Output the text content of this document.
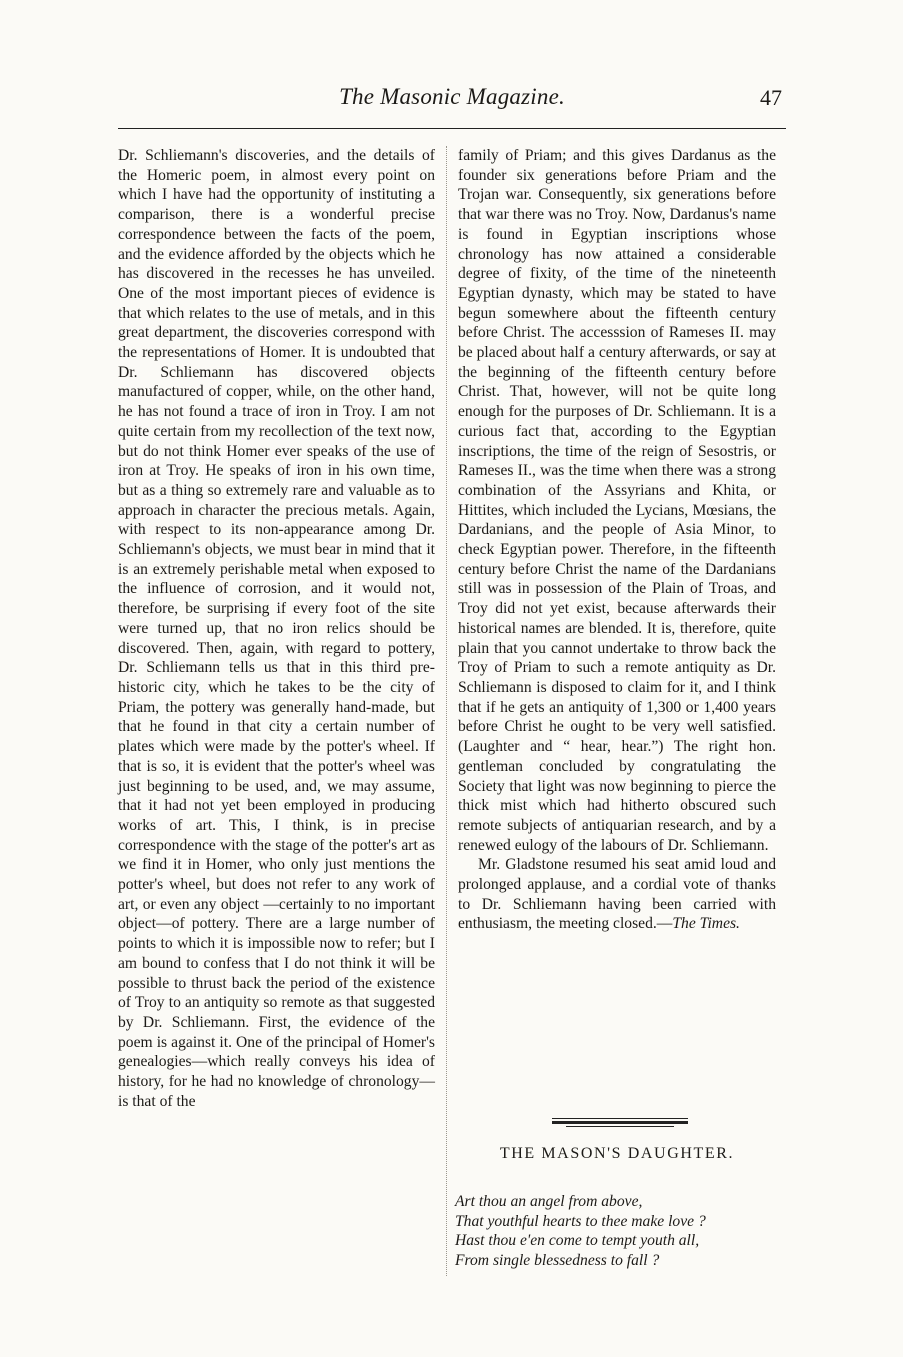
The Masonic Magazine.	47

Dr. Schliemann's discoveries, and the details of the Homeric poem, in almost every point on which I have had the opportunity of instituting a comparison, there is a wonderful precise correspondence between the facts of the poem, and the evidence afforded by the objects which he has discovered in the recesses he has unveiled. One of the most important pieces of evidence is that which relates to the use of metals, and in this great department, the discoveries correspond with the representations of Homer. It is undoubted that Dr. Schliemann has discovered objects manufactured of copper, while, on the other hand, he has not found a trace of iron in Troy. I am not quite certain from my recollection of the text now, but do not think Homer ever speaks of the use of iron at Troy. He speaks of iron in his own time, but as a thing so extremely rare and valuable as to approach in character the precious metals. Again, with respect to its non-appearance among Dr. Schliemann's objects, we must bear in mind that it is an extremely perishable metal when exposed to the influence of corrosion, and it would not, therefore, be surprising if every foot of the site were turned up, that no iron relics should be discovered. Then, again, with regard to pottery, Dr. Schliemann tells us that in this third pre-historic city, which he takes to be the city of Priam, the pottery was generally hand-made, but that he found in that city a certain number of plates which were made by the potter's wheel. If that is so, it is evident that the potter's wheel was just beginning to be used, and, we may assume, that it had not yet been employed in producing works of art. This, I think, is in precise correspondence with the stage of the potter's art as we find it in Homer, who only just mentions the potter's wheel, but does not refer to any work of art, or even any object —certainly to no important object—of pottery. There are a large number of points to which it is impossible now to refer; but I am bound to confess that I do not think it will be possible to thrust back the period of the existence of Troy to an antiquity so remote as that suggested by Dr. Schliemann. First, the evidence of the poem is against it. One of the principal of Homer's genealogies—which really conveys his idea of history, for he had no knowledge of chronology—is that of the

family of Priam; and this gives Dardanus as the founder six generations before Priam and the Trojan war. Consequently, six generations before that war there was no Troy. Now, Dardanus's name is found in Egyptian inscriptions whose chronology has now attained a considerable degree of fixity, of the time of the nineteenth Egyptian dynasty, which may be stated to have begun somewhere about the fifteenth century before Christ. The accesssion of Rameses II. may be placed about half a century afterwards, or say at the beginning of the fifteenth century before Christ. That, however, will not be quite long enough for the purposes of Dr. Schliemann. It is a curious fact that, according to the Egyptian inscriptions, the time of the reign of Sesostris, or Rameses II., was the time when there was a strong combination of the Assyrians and Khita, or Hittites, which included the Lycians, Mœsians, the Dardanians, and the people of Asia Minor, to check Egyptian power. Therefore, in the fifteenth century before Christ the name of the Dardanians still was in possession of the Plain of Troas, and Troy did not yet exist, because afterwards their historical names are blended. It is, therefore, quite plain that you cannot undertake to throw back the Troy of Priam to such a remote antiquity as Dr. Schliemann is disposed to claim for it, and I think that if he gets an antiquity of 1,300 or 1,400 years before Christ he ought to be very well satisfied. (Laughter and “ hear, hear.”) The right hon. gentleman concluded by congratulating the Society that light was now beginning to pierce the thick mist which had hitherto obscured such remote subjects of antiquarian research, and by a renewed eulogy of the labours of Dr. Schliemann.

Mr. Gladstone resumed his seat amid loud and prolonged applause, and a cordial vote of thanks to Dr. Schliemann having been carried with enthusiasm, the meeting closed.—The Times.

THE MASON'S DAUGHTER.
Art thou an angel from above,
That youthful hearts to thee make love ?
Hast thou e'en come to tempt youth all,
From single blessedness to fall ?
